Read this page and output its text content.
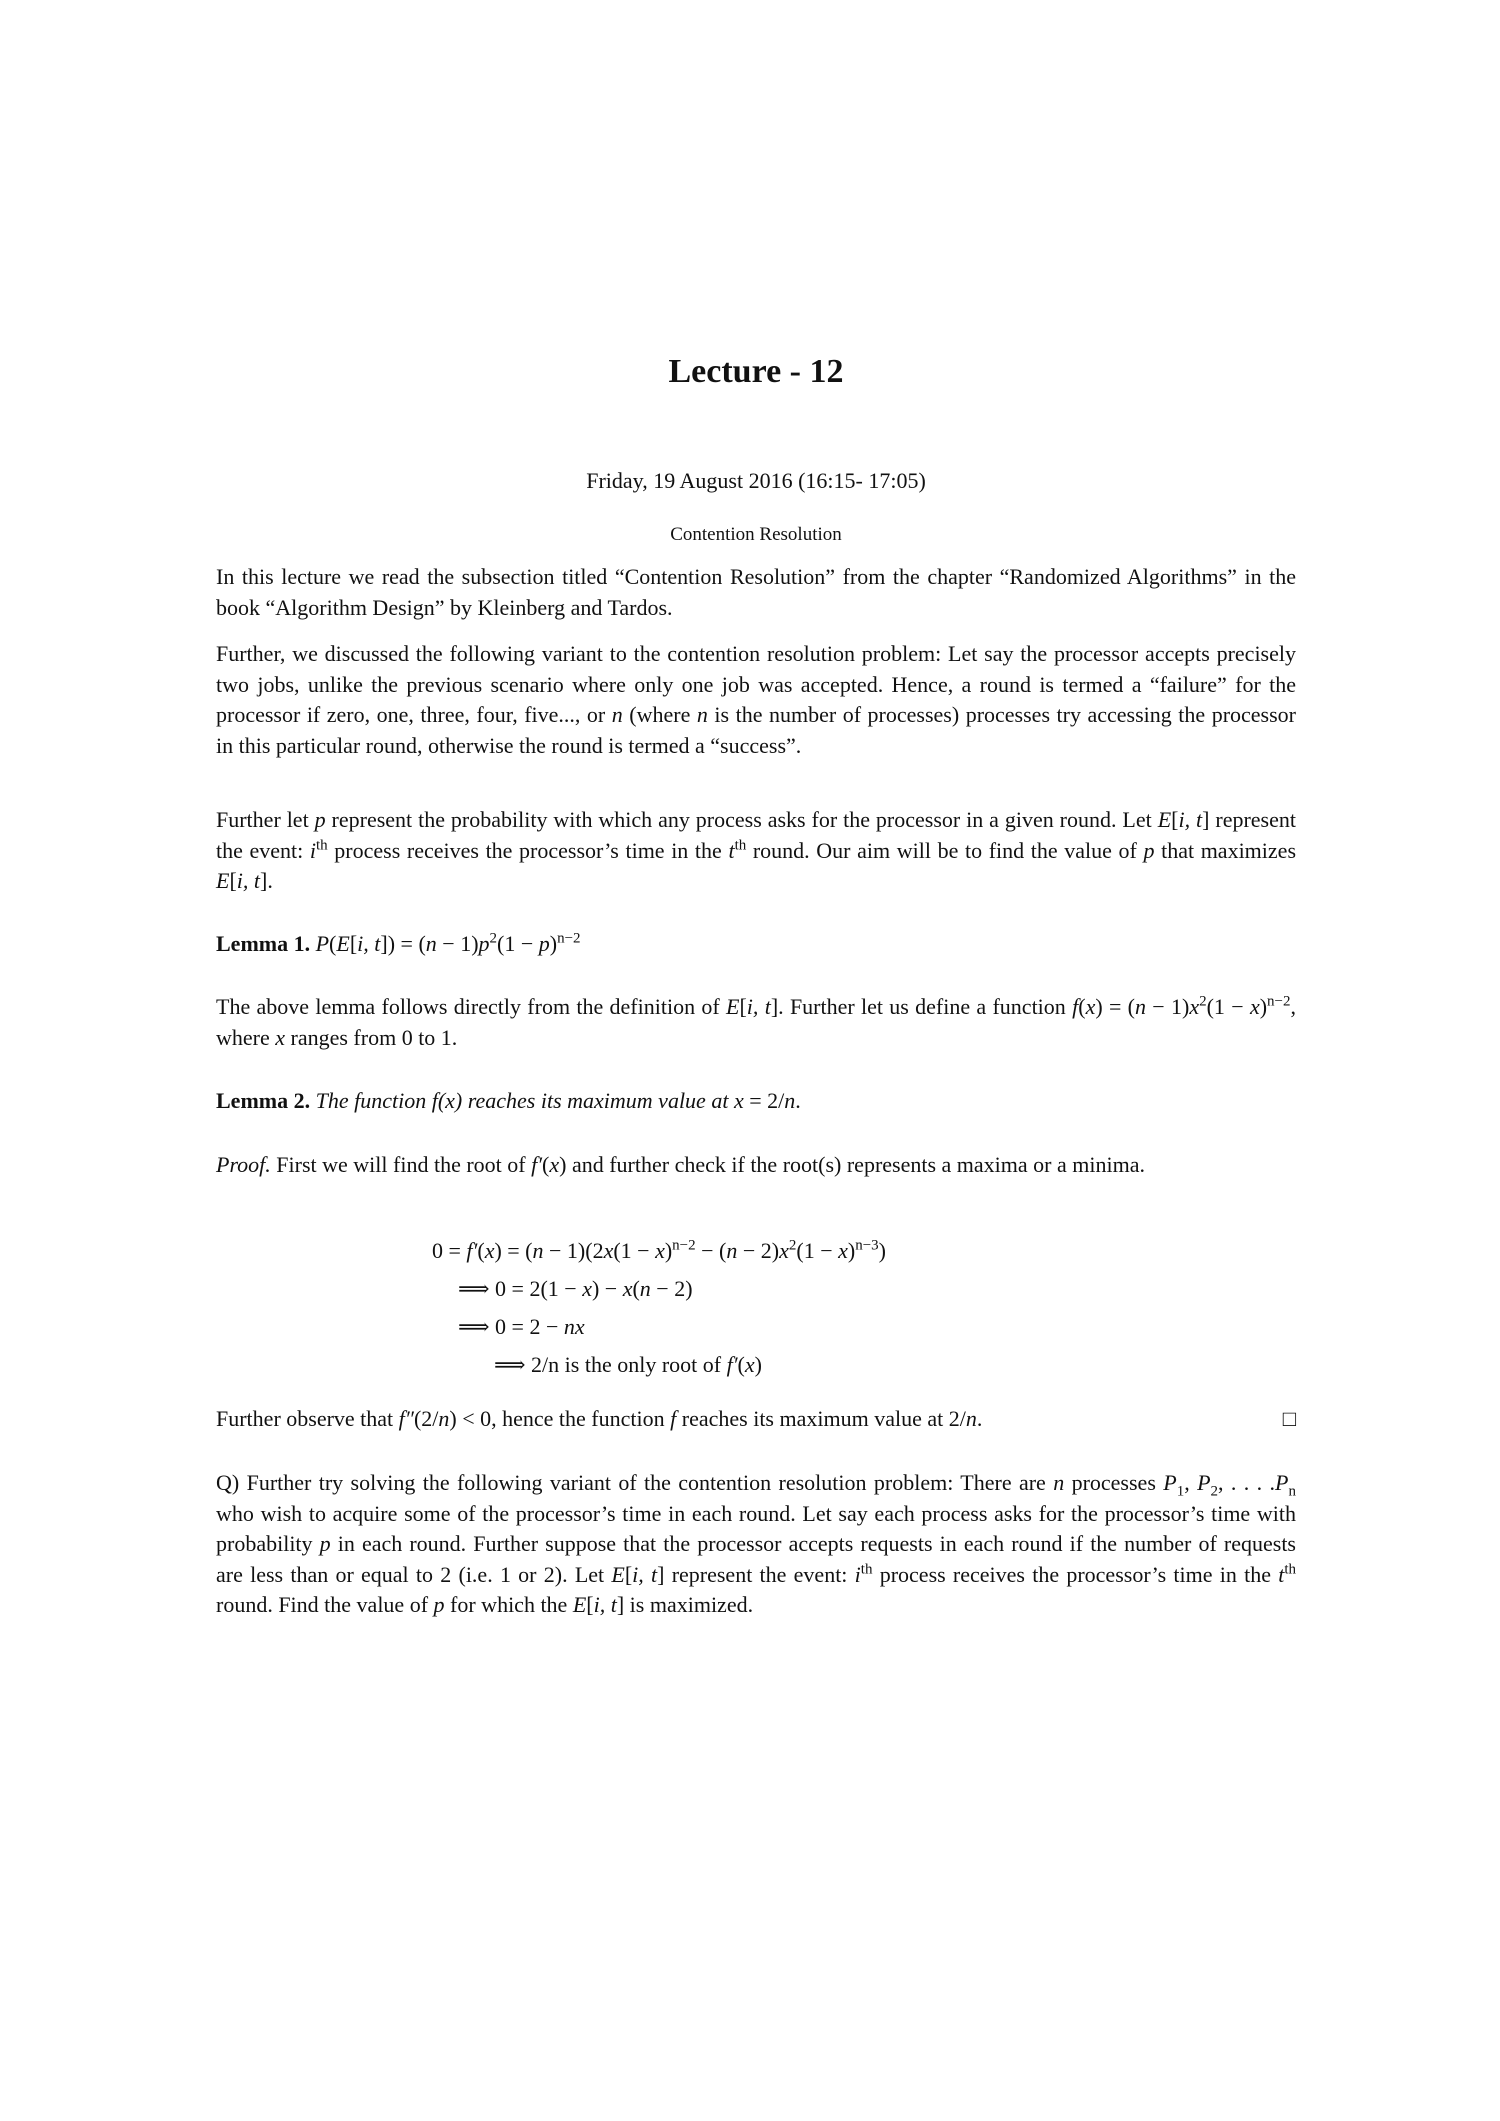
Lecture - 12
Friday, 19 August 2016 (16:15- 17:05)
Contention Resolution
In this lecture we read the subsection titled “Contention Resolution” from the chapter “Randomized Algorithms” in the book “Algorithm Design” by Kleinberg and Tardos.
Further, we discussed the following variant to the contention resolution problem: Let say the processor accepts precisely two jobs, unlike the previous scenario where only one job was accepted. Hence, a round is termed a “failure” for the processor if zero, one, three, four, five..., or n (where n is the number of processes) processes try accessing the processor in this particular round, otherwise the round is termed a “success”.
Further let p represent the probability with which any process asks for the processor in a given round. Let E[i, t] represent the event: $i^{th}$ process receives the processor’s time in the $t^{th}$ round. Our aim will be to find the value of p that maximizes E[i, t].
Lemma 1. P(E[i, $t]) = (n - 1)p^2(1 - p)^{n-2}$
The above lemma follows directly from the definition of E[i, t]. Further let us define a function $f(x) = (n - 1)x^2(1 - x)^{n-2}$, where x ranges from 0 to 1.
Lemma 2. The function f(x) reaches its maximum value at x = 2/n.
Proof. First we will find the root of f′(x) and further check if the root(s) represents a maxima or a minima.
$0 = f'(x) = (n - 1)(2x(1 - x)^{n-2} - (n - 2)x^2(1 - x)^{n-3})$
⟹ 0 = 2(1 − x) − x(n − 2)
⟹ 0 = 2 − nx
⟹ 2/n is the only root of f′(x)
Further observe that f″(2/n) < 0, hence the function f reaches its maximum value at 2/n.	□
Q) Further try solving the following variant of the contention resolution problem: There are n processes $P_1$, $P_2$, . . . $.P_n$ who wish to acquire some of the processor’s time in each round. Let say each process asks for the processor’s time with probability p in each round. Further suppose that the processor accepts requests in each round if the number of requests are less than or equal to 2 (i.e. 1 or 2). Let E[i, t] represent the event: $i^{th}$ process receives the processor’s time in the $t^{th}$ round. Find the value of p for which the E[i, t] is maximized.
